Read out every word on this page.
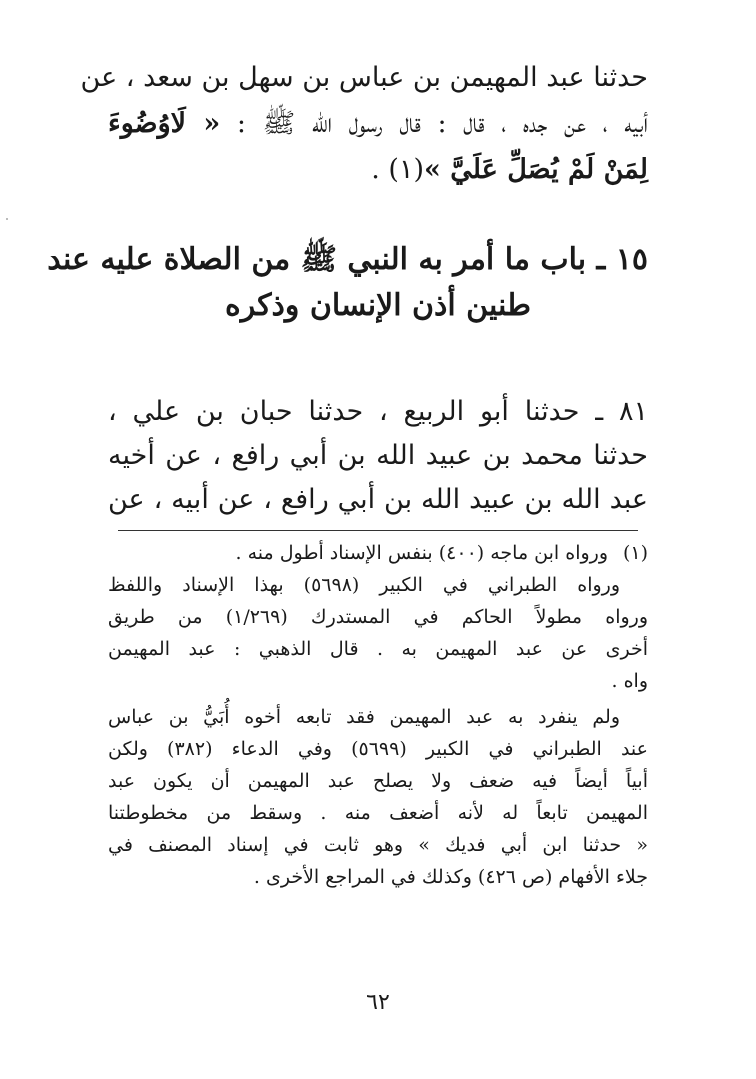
حدثنا عبد المهيمن بن عباس بن سهل بن سعد ، عن
أبيه ، عن جده ، قال : قال رسول الله ﷺ : « لَاوُضُوءَ
لِمَنْ لَمْ يُصَلِّ عَلَيَّ »(١) .
١٥ ـ باب ما أمر به النبي ﷺ من الصلاة عليه عند
طنين أذن الإنسان وذكره
٨١ ـ حدثنا أبو الربيع ، حدثنا حبان بن علي ،
حدثنا محمد بن عبيد الله بن أبي رافع ، عن أخيه
عبد الله بن عبيد الله بن أبي رافع ، عن أبيه ، عن
(١)ورواه ابن ماجه (٤٠٠) بنفس الإسناد أطول منه .
ورواه الطبراني في الكبير (٥٦٩٨) بهذا الإسناد واللفظ
ورواه مطولاً الحاكم في المستدرك (١/٢٦٩) من طريق
أخرى عن عبد المهيمن به . قال الذهبي : عبد المهيمن
واه .
ولم ينفرد به عبد المهيمن فقد تابعه أخوه أُبَيُّ بن عباس
عند الطبراني في الكبير (٥٦٩٩) وفي الدعاء (٣٨٢) ولكن
أبياً أيضاً فيه ضعف ولا يصلح عبد المهيمن أن يكون عبد
المهيمن تابعاً له لأنه أضعف منه . وسقط من مخطوطتنا
« حدثنا ابن أبي فديك » وهو ثابت في إسناد المصنف في
جلاء الأفهام (ص ٤٢٦) وكذلك في المراجع الأخرى .
٦٢
